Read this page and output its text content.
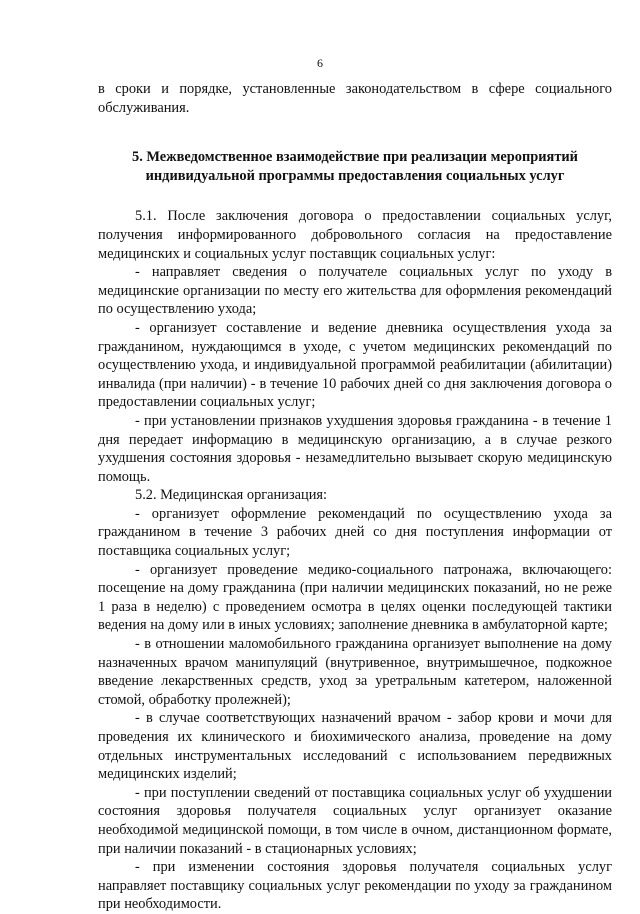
6

в сроки и порядке, установленные законодательством в сфере социального обслуживания.

5. Межведомственное взаимодействие при реализации мероприятий индивидуальной программы предоставления социальных услуг

5.1. После заключения договора о предоставлении социальных услуг, получения информированного добровольного согласия на предоставление медицинских и социальных услуг поставщик социальных услуг:

- направляет сведения о получателе социальных услуг по уходу в медицинские организации по месту его жительства для оформления рекомендаций по осуществлению ухода;

- организует составление и ведение дневника осуществления ухода за гражданином, нуждающимся в уходе, с учетом медицинских рекомендаций по осуществлению ухода, и индивидуальной программой реабилитации (абилитации) инвалида (при наличии) - в течение 10 рабочих дней со дня заключения договора о предоставлении социальных услуг;

- при установлении признаков ухудшения здоровья гражданина - в течение 1 дня передает информацию в медицинскую организацию, а в случае резкого ухудшения состояния здоровья - незамедлительно вызывает скорую медицинскую помощь.

5.2. Медицинская организация:

- организует оформление рекомендаций по осуществлению ухода за гражданином в течение 3 рабочих дней со дня поступления информации от поставщика социальных услуг;

- организует проведение медико-социального патронажа, включающего: посещение на дому гражданина (при наличии медицинских показаний, но не реже 1 раза в неделю) с проведением осмотра в целях оценки последующей тактики ведения на дому или в иных условиях; заполнение дневника в амбулаторной карте;

- в отношении маломобильного гражданина организует выполнение на дому назначенных врачом манипуляций (внутривенное, внутримышечное, подкожное введение лекарственных средств, уход за уретральным катетером, наложенной стомой, обработку пролежней);

- в случае соответствующих назначений врачом - забор крови и мочи для проведения их клинического и биохимического анализа, проведение на дому отдельных инструментальных исследований с использованием передвижных медицинских изделий;

- при поступлении сведений от поставщика социальных услуг об ухудшении состояния здоровья получателя социальных услуг организует оказание необходимой медицинской помощи, в том числе в очном, дистанционном формате, при наличии показаний - в стационарных условиях;

- при изменении состояния здоровья получателя социальных услуг направляет поставщику социальных услуг рекомендации по уходу за гражданином при необходимости.
